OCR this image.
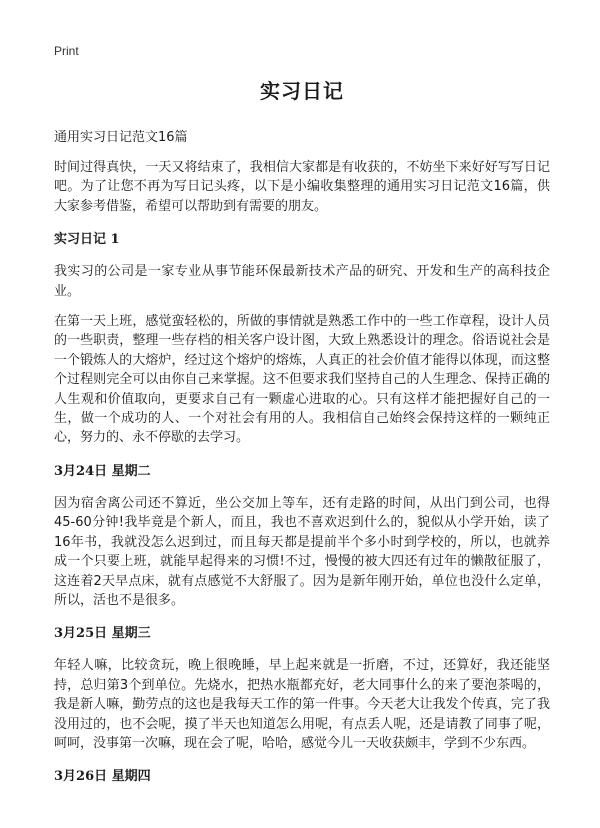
Print
实习日记
通用实习日记范文16篇

时间过得真快，一天又将结束了，我相信大家都是有收获的，不妨坐下来好好写写日记吧。为了让您不再为写日记头疼，以下是小编收集整理的通用实习日记范文16篇，供大家参考借鉴，希望可以帮助到有需要的朋友。

实习日记 1

我实习的公司是一家专业从事节能环保最新技术产品的研究、开发和生产的高科技企业。

在第一天上班，感觉蛮轻松的，所做的事情就是熟悉工作中的一些工作章程，设计人员的一些职责，整理一些存档的相关客户设计图，大致上熟悉设计的理念。俗语说社会是一个锻炼人的大熔炉，经过这个熔炉的熔炼，人真正的社会价值才能得以体现，而这整个过程则完全可以由你自己来掌握。这不但要求我们坚持自己的人生理念、保持正确的人生观和价值取向，更要求自己有一颗虚心进取的心。只有这样才能把握好自己的一生，做一个成功的人、一个对社会有用的人。我相信自己始终会保持这样的一颗纯正心，努力的、永不停歇的去学习。

3月24日 星期二

因为宿舍离公司还不算近，坐公交加上等车，还有走路的时间，从出门到公司，也得45-60分钟!我毕竟是个新人，而且，我也不喜欢迟到什么的，貌似从小学开始，读了16年书，我就没怎么迟到过，而且每天都是提前半个多小时到学校的，所以，也就养成一个只要上班，就能早起得来的习惯!不过，慢慢的被大四还有过年的懒散征服了，这连着2天早点床，就有点感觉不大舒服了。因为是新年刚开始，单位也没什么定单，所以，活也不是很多。

3月25日 星期三

年轻人嘛，比较贪玩，晚上很晚睡，早上起来就是一折磨，不过，还算好，我还能坚持，总归第3个到单位。先烧水，把热水瓶都充好，老大同事什么的来了要泡茶喝的，我是新人嘛，勤劳点的这也是我每天工作的第一件事。今天老大让我发个传真，完了我没用过的，也不会呢，摸了半天也知道怎么用呢，有点丢人呢，还是请教了同事了呢，呵呵，没事第一次嘛，现在会了呢，哈哈，感觉今儿一天收获颇丰，学到不少东西。

3月26日 星期四
